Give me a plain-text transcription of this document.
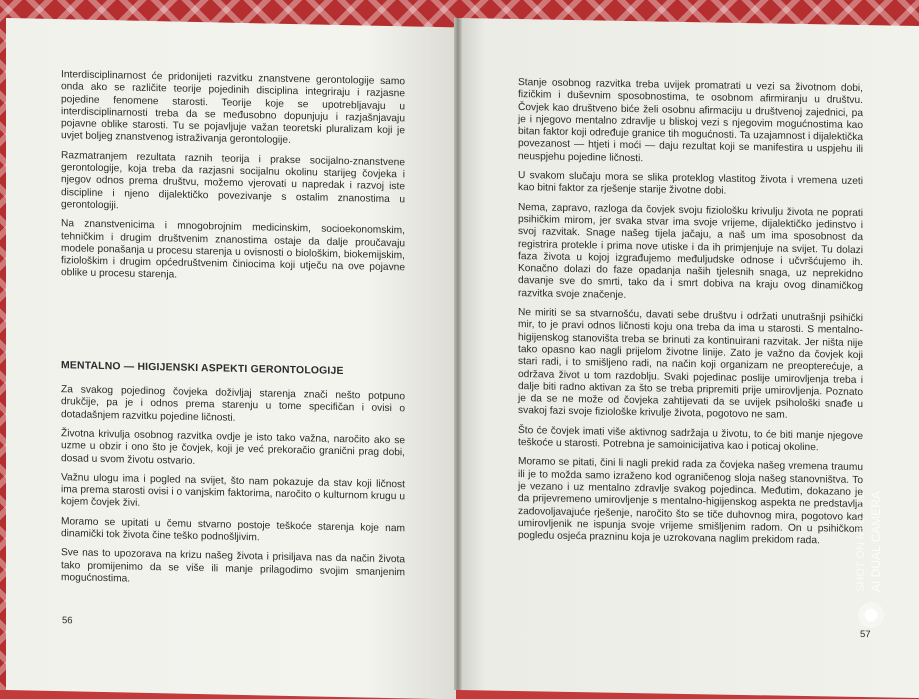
Interdisciplinarnost će pridonijeti razvitku znanstvene gerontologije samo onda ako se različite teorije pojedinih disciplina integriraju i razjasne pojedine fenomene starosti. Teorije koje se upotrebljavaju u interdisciplinarnosti treba da se međusobno dopunjuju i razjašnjavaju pojavne oblike starosti. Tu se pojavljuje važan teoretski pluralizam koji je uvjet boljeg znanstvenog istraživanja gerontologije.

Razmatranjem rezultata raznih teorija i prakse socijalno-znanstvene gerontologije, koja treba da razjasni socijalnu okolinu starijeg čovjeka i njegov odnos prema društvu, možemo vjerovati u napredak i razvoj iste discipline i njeno dijalektičko povezivanje s ostalim znanostima u gerontologiji.

Na znanstvenicima i mnogobrojnim medicinskim, socioekonomskim, tehničkim i drugim društvenim znanostima ostaje da dalje proučavaju modele ponašanja u procesu starenja u ovisnosti o biološkim, biokemijskim, fiziološkim i drugim općedruštvenim činiocima koji utječu na ove pojavne oblike u procesu starenja.

MENTALNO — HIGIJENSKI ASPEKTI GERONTOLOGIJE

Za svakog pojedinog čovjeka doživljaj starenja znači nešto potpuno drukčije, pa je i odnos prema starenju u tome specifičan i ovisi o dotadašnjem razvitku pojedine ličnosti.

Životna krivulja osobnog razvitka ovdje je isto tako važna, naročito ako se uzme u obzir i ono što je čovjek, koji je već prekoračio granični prag dobi, dosad u svom životu ostvario.

Važnu ulogu ima i pogled na svijet, što nam pokazuje da stav koji ličnost ima prema starosti ovisi i o vanjskim faktorima, naročito o kulturnom krugu u kojem čovjek živi.

Moramo se upitati u čemu stvarno postoje teškoće starenja koje nam dinamički tok života čine teško podnošljivim.

Sve nas to upozorava na krizu našeg života i prisiljava nas da način života tako promijenimo da se više ili manje prilagodimo svojim smanjenim mogućnostima.

56

Stanje osobnog razvitka treba uvijek promatrati u vezi sa životnom dobi, fizičkim i duševnim sposobnostima, te osobnom afirmiranju u društvu. Čovjek kao društveno biće želi osobnu afirmaciju u društvenoj zajednici, pa je i njegovo mentalno zdravlje u bliskoj vezi s njegovim mogućnostima kao bitan faktor koji određuje granice tih mogućnosti. Ta uzajamnost i dijalektička povezanost — htjeti i moći — daju rezultat koji se manifestira u uspjehu ili neuspjehu pojedine ličnosti.

U svakom slučaju mora se slika proteklog vlastitog života i vremena uzeti kao bitni faktor za rješenje starije životne dobi.

Nema, zapravo, razloga da čovjek svoju fiziološku krivulju života ne poprati psihičkim mirom, jer svaka stvar ima svoje vrijeme, dijalektičko jedinstvo i svoj razvitak. Snage našeg tijela jačaju, a naš um ima sposobnost da registrira protekle i prima nove utiske i da ih primjenjuje na svijet. Tu dolazi faza života u kojoj izgrađujemo međuljudske odnose i učvršćujemo ih. Konačno dolazi do faze opadanja naših tjelesnih snaga, uz neprekidno davanje sve do smrti, tako da i smrt dobiva na kraju ovog dinamičkog razvitka svoje značenje.

Ne miriti se sa stvarnošću, davati sebe društvu i održati unutrašnji psihički mir, to je pravi odnos ličnosti koju ona treba da ima u starosti. S mentalno-higijenskog stanovišta treba se brinuti za kontinuirani razvitak. Jer ništa nije tako opasno kao nagli prijelom životne linije. Zato je važno da čovjek koji stari radi, i to smišljeno radi, na način koji organizam ne preopterećuje, a održava život u tom razdoblju. Svaki pojedinac poslije umirovljenja treba i dalje biti radno aktivan za što se treba pripremiti prije umirovljenja. Poznato je da se ne može od čovjeka zahtijevati da se uvijek psihološki snađe u svakoj fazi svoje fiziološke krivulje života, pogotovo ne sam.

Što će čovjek imati više aktivnog sadržaja u životu, to će biti manje njegove teškoće u starosti. Potrebna je samoinicijativa kao i poticaj okoline.

Moramo se pitati, čini li nagli prekid rada za čovjeka našeg vremena traumu ili je to možda samo izraženo kod ograničenog sloja našeg stanovništva. To je vezano i uz mentalno zdravlje svakog pojedinca. Međutim, dokazano je da prijevremeno umirovljenje s mentalno-higijenskog aspekta ne predstavlja zadovoljavajuće rješenje, naročito što se tiče duhovnog mira, pogotovo kad umirovljenik ne ispunja svoje vrijeme smišljenim radom. On u psihičkom pogledu osjeća prazninu koja je uzrokovana naglim prekidom rada.

57
SHOT ON MI 8 LITE AI DUAL CAMERA
